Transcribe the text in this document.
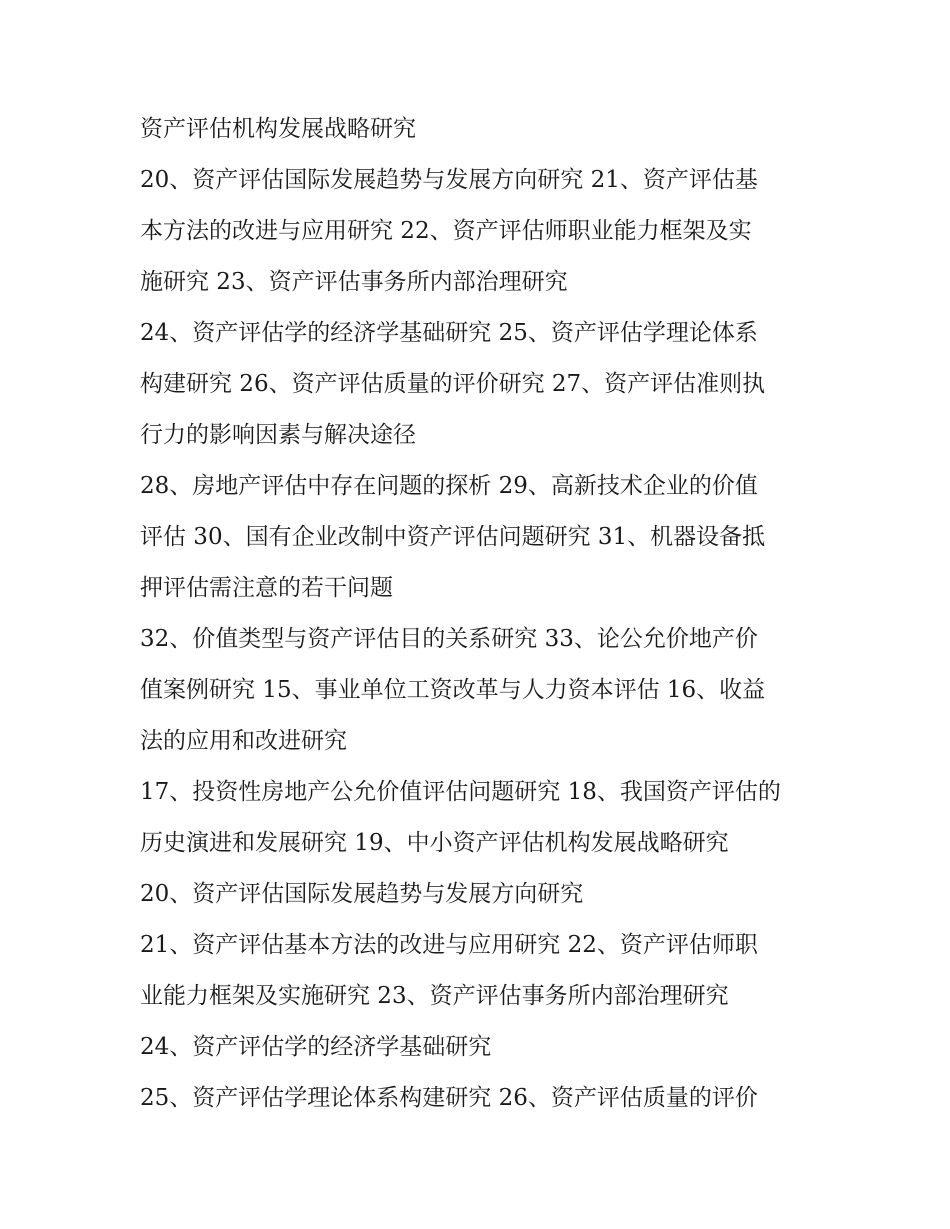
资产评估机构发展战略研究
20、资产评估国际发展趋势与发展方向研究 21、资产评估基
本方法的改进与应用研究 22、资产评估师职业能力框架及实
施研究 23、资产评估事务所内部治理研究
24、资产评估学的经济学基础研究 25、资产评估学理论体系
构建研究 26、资产评估质量的评价研究 27、资产评估准则执
行力的影响因素与解决途径
28、房地产评估中存在问题的探析 29、高新技术企业的价值
评估 30、国有企业改制中资产评估问题研究 31、机器设备抵
押评估需注意的若干问题
32、价值类型与资产评估目的关系研究 33、论公允价地产价
值案例研究 15、事业单位工资改革与人力资本评估 16、收益
法的应用和改进研究
17、投资性房地产公允价值评估问题研究 18、我国资产评估的
历史演进和发展研究 19、中小资产评估机构发展战略研究
20、资产评估国际发展趋势与发展方向研究
21、资产评估基本方法的改进与应用研究 22、资产评估师职
业能力框架及实施研究 23、资产评估事务所内部治理研究
24、资产评估学的经济学基础研究
25、资产评估学理论体系构建研究 26、资产评估质量的评价
